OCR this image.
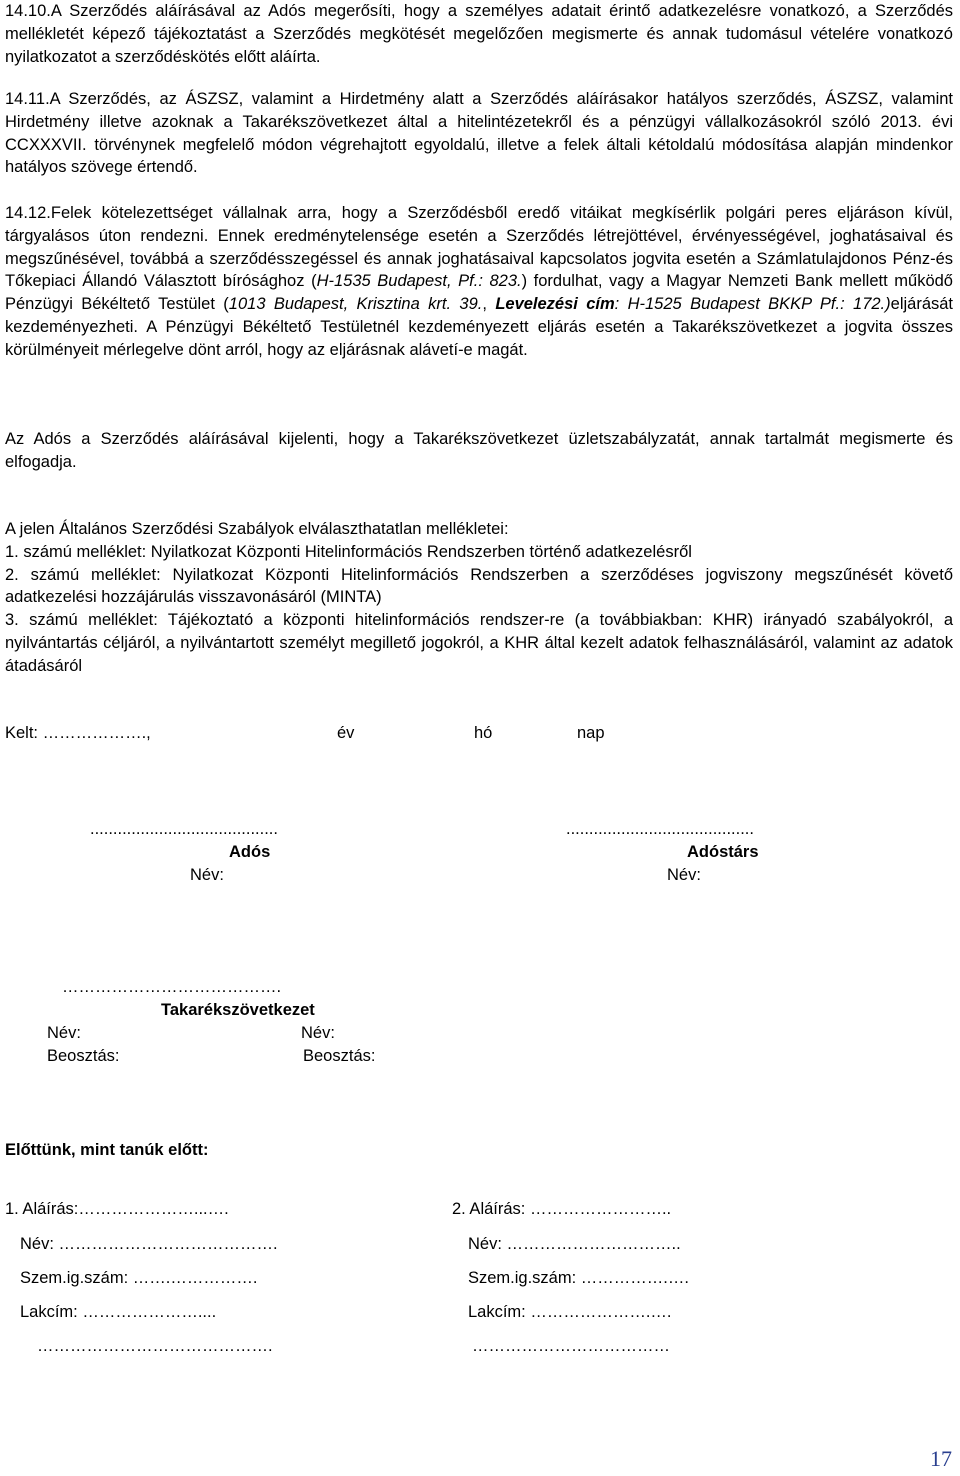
14.10.A Szerződés aláírásával az Adós megerősíti, hogy a személyes adatait érintő adatkezelésre vonatkozó, a Szerződés mellékletét képező tájékoztatást a Szerződés megkötését megelőzően megismerte és annak tudomásul vételére vonatkozó nyilatkozatot a szerződéskötés előtt aláírta.

14.11.A Szerződés, az ÁSZSZ, valamint a Hirdetmény alatt a Szerződés aláírásakor hatályos szerződés, ÁSZSZ, valamint Hirdetmény illetve azoknak a Takarékszövetkezet által a hitelintézetekről és a pénzügyi vállalkozásokról szóló 2013. évi CCXXXVII. törvénynek megfelelő módon végrehajtott egyoldalú, illetve a felek általi kétoldalú módosítása alapján mindenkor hatályos szövege értendő.

14.12.Felek kötelezettséget vállalnak arra, hogy a Szerződésből eredő vitáikat megkísérlik polgári peres eljáráson kívül, tárgyalásos úton rendezni. Ennek eredménytelensége esetén a Szerződés létrejöttével, érvényességével, joghatásaival és megszűnésével, továbbá a szerződésszegéssel és annak joghatásaival kapcsolatos jogvita esetén a Számlatulajdonos Pénz-és Tőkepiaci Állandó Választott bírósághoz (H-1535 Budapest, Pf.: 823.) fordulhat, vagy a Magyar Nemzeti Bank mellett működő Pénzügyi Békéltető Testület (1013 Budapest, Krisztina krt. 39., Levelezési cím: H-1525 Budapest BKKP Pf.: 172.)eljárását kezdeményezheti. A Pénzügyi Békéltető Testületnél kezdeményezett eljárás esetén a Takarékszövetkezet a jogvita összes körülményeit mérlegelve dönt arról, hogy az eljárásnak alávetí-e magát.

Az Adós a Szerződés aláírásával kijelenti, hogy a Takarékszövetkezet üzletszabályzatát, annak tartalmát megismerte és elfogadja.

A jelen Általános Szerződési Szabályok elválaszthatatlan mellékletei:

1. számú melléklet: Nyilatkozat Központi Hitelinformációs Rendszerben történő adatkezelésről

2. számú melléklet: Nyilatkozat Központi Hitelinformációs Rendszerben a szerződéses jogviszony megszűnését követő adatkezelési hozzájárulás visszavonásáról (MINTA)

3. számú melléklet: Tájékoztató a központi hitelinformációs rendszer-re (a továbbiakban: KHR) irányadó szabályokról, a nyilvántartás céljáról, a nyilvántartott személyt megillető jogokról, a KHR által kezelt adatok felhasználásáról, valamint az adatok átadásáról

Kelt: ……………….,	év	hó	nap
.........................................
Adós
Név:
.........................................
Adóstárs
Név:
………………………………….
Takarékszövetkezet
Név:	Név:
Beosztás:	Beosztás:
Előttünk, mint tanúk előtt:
1. Aláírás:…………………...….
Név: ………………………………….
Szem.ig.szám: …….…………….
Lakcím: …………………....
…………………………………….
2. Aláírás: ……………………..
Név: …………………………..
Szem.ig.szám: …………….….
Lakcím: ………………….….
………………………………
17
